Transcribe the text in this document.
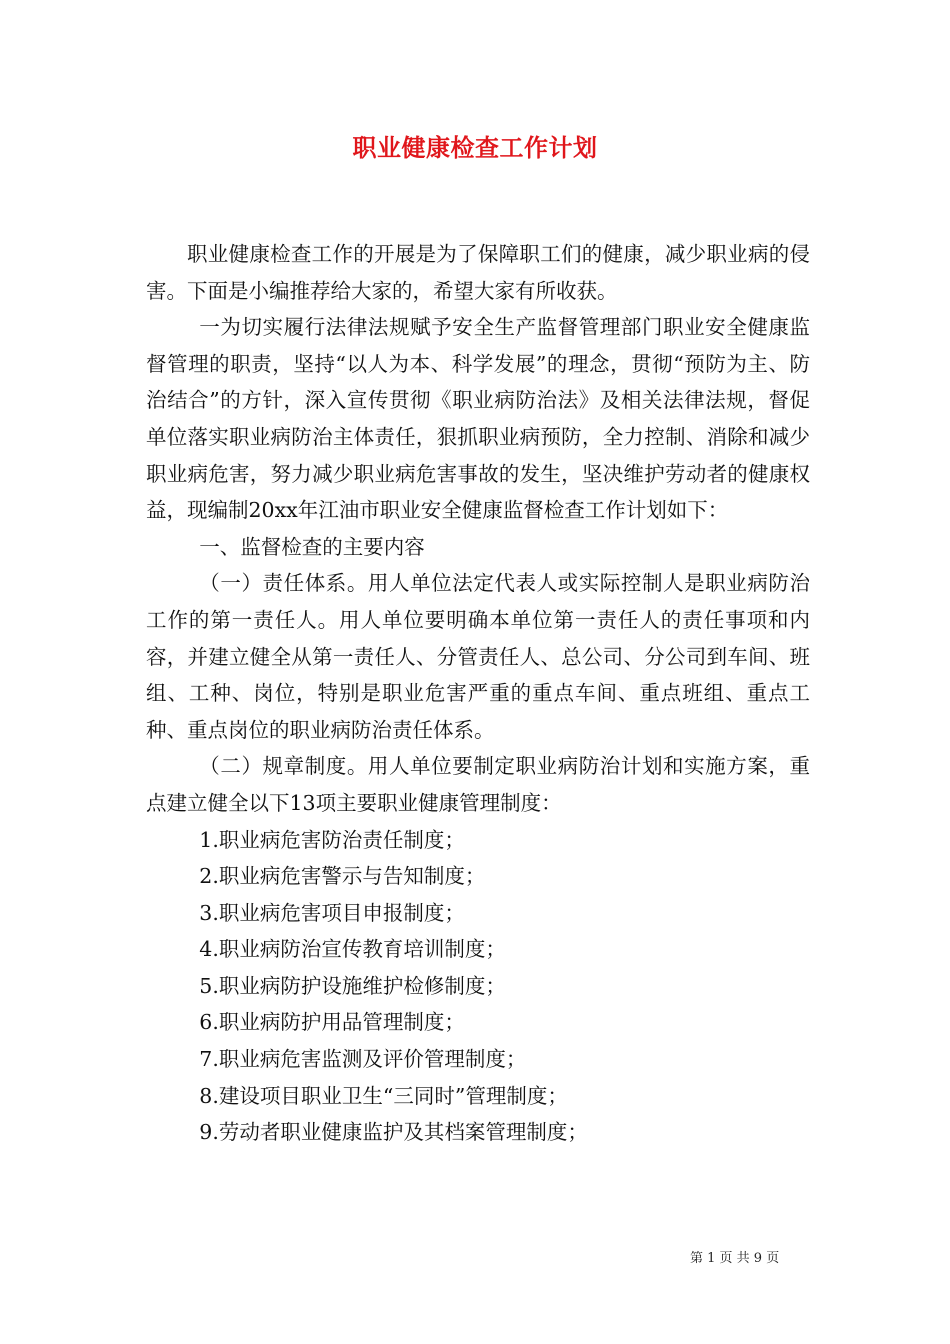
职业健康检查工作计划

职业健康检查工作的开展是为了保障职工们的健康，减少职业病的侵害。下面是小编推荐给大家的，希望大家有所收获。

一为切实履行法律法规赋予安全生产监督管理部门职业安全健康监督管理的职责，坚持“以人为本、科学发展”的理念，贯彻“预防为主、防治结合”的方针，深入宣传贯彻《职业病防治法》及相关法律法规，督促单位落实职业病防治主体责任，狠抓职业病预防，全力控制、消除和减少职业病危害，努力减少职业病危害事故的发生，坚决维护劳动者的健康权益，现编制20xx年江油市职业安全健康监督检查工作计划如下：

一、监督检查的主要内容

（一）责任体系。用人单位法定代表人或实际控制人是职业病防治工作的第一责任人。用人单位要明确本单位第一责任人的责任事项和内容，并建立健全从第一责任人、分管责任人、总公司、分公司到车间、班组、工种、岗位，特别是职业危害严重的重点车间、重点班组、重点工种、重点岗位的职业病防治责任体系。

（二）规章制度。用人单位要制定职业病防治计划和实施方案，重点建立健全以下13项主要职业健康管理制度：

1.职业病危害防治责任制度；

2.职业病危害警示与告知制度；

3.职业病危害项目申报制度；

4.职业病防治宣传教育培训制度；

5.职业病防护设施维护检修制度；

6.职业病防护用品管理制度；

7.职业病危害监测及评价管理制度；

8.建设项目职业卫生“三同时”管理制度；

9.劳动者职业健康监护及其档案管理制度；

第 1 页 共 9 页
